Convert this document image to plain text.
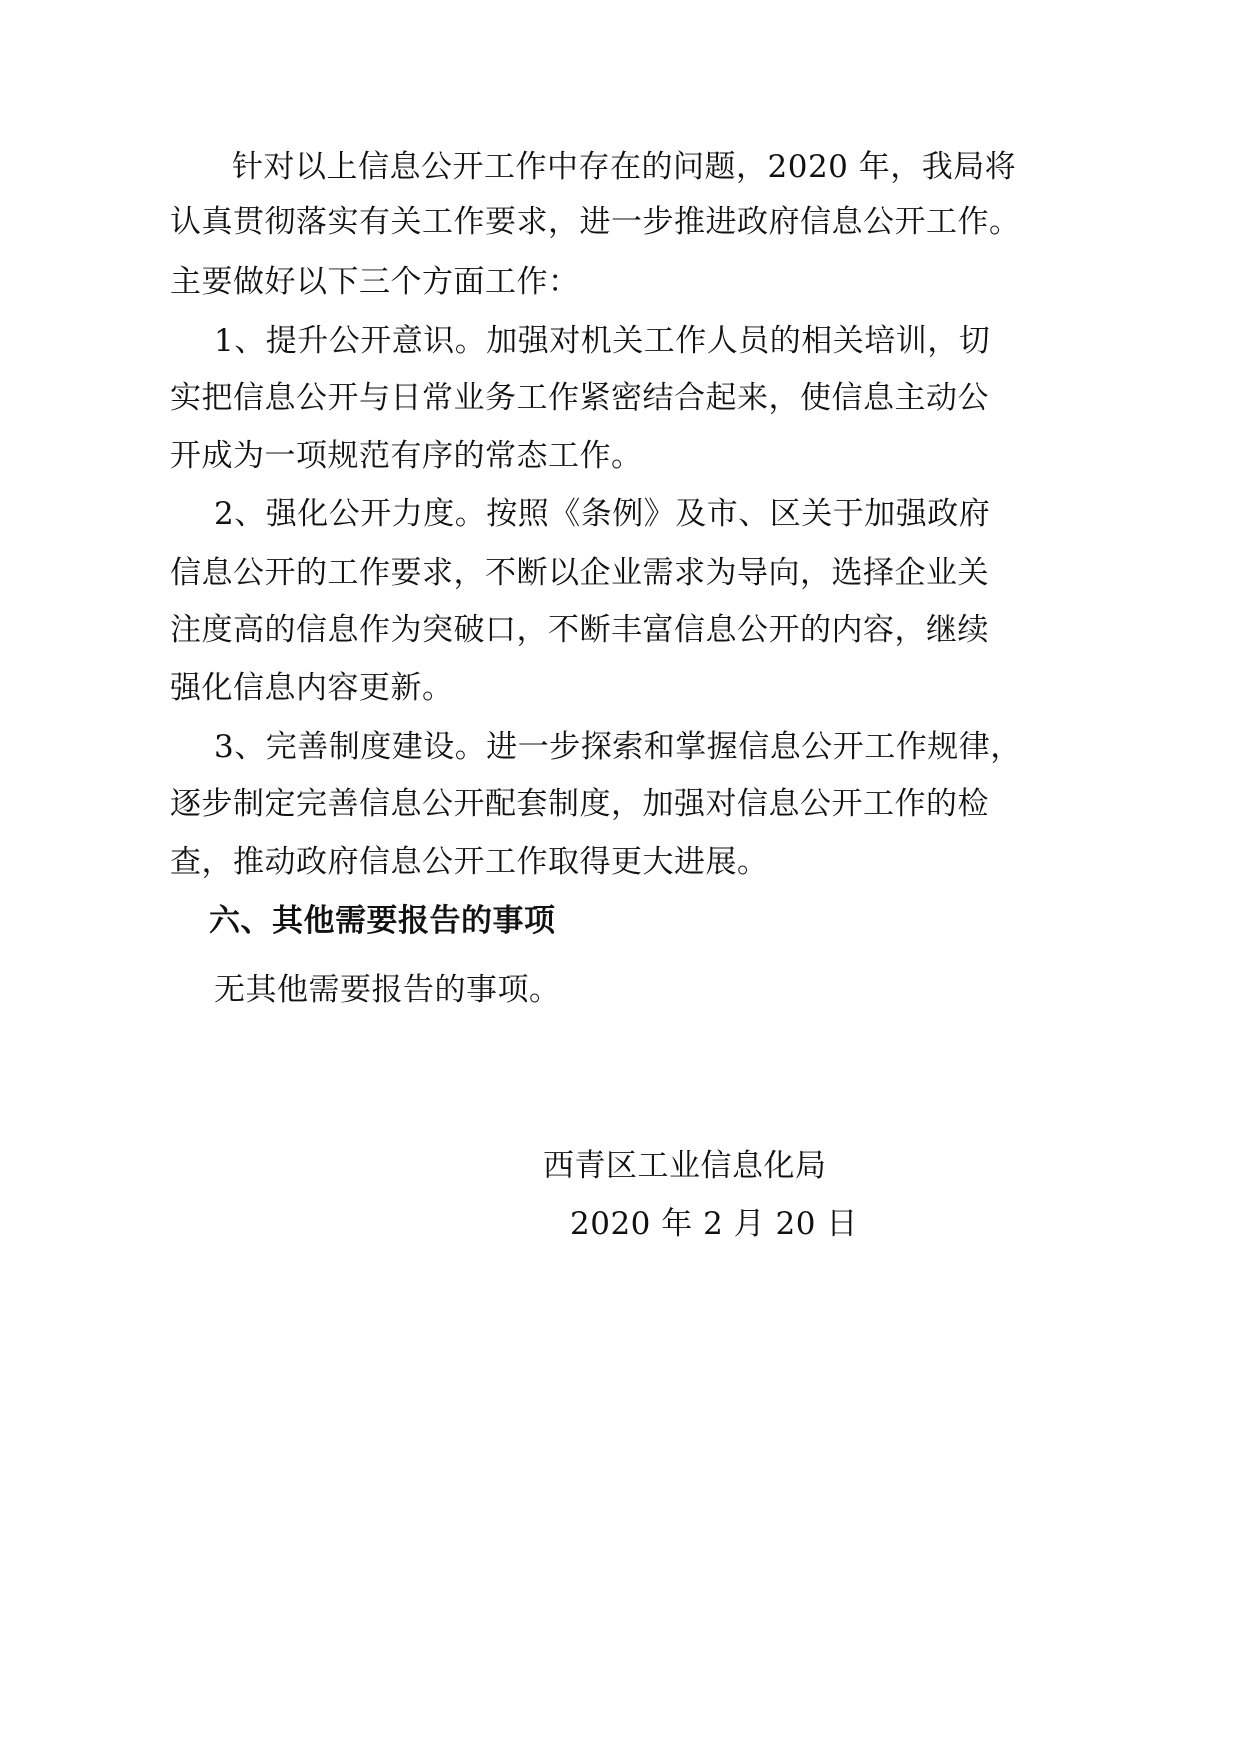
针对以上信息公开工作中存在的问题，2020 年，我局将
认真贯彻落实有关工作要求，进一步推进政府信息公开工作。
主要做好以下三个方面工作：
1、提升公开意识。加强对机关工作人员的相关培训，切
实把信息公开与日常业务工作紧密结合起来，使信息主动公
开成为一项规范有序的常态工作。
2、强化公开力度。按照《条例》及市、区关于加强政府
信息公开的工作要求，不断以企业需求为导向，选择企业关
注度高的信息作为突破口，不断丰富信息公开的内容，继续
强化信息内容更新。
3、完善制度建设。进一步探索和掌握信息公开工作规律，
逐步制定完善信息公开配套制度，加强对信息公开工作的检
查，推动政府信息公开工作取得更大进展。
六、其他需要报告的事项
无其他需要报告的事项。
西青区工业信息化局
2020 年 2 月 20 日
